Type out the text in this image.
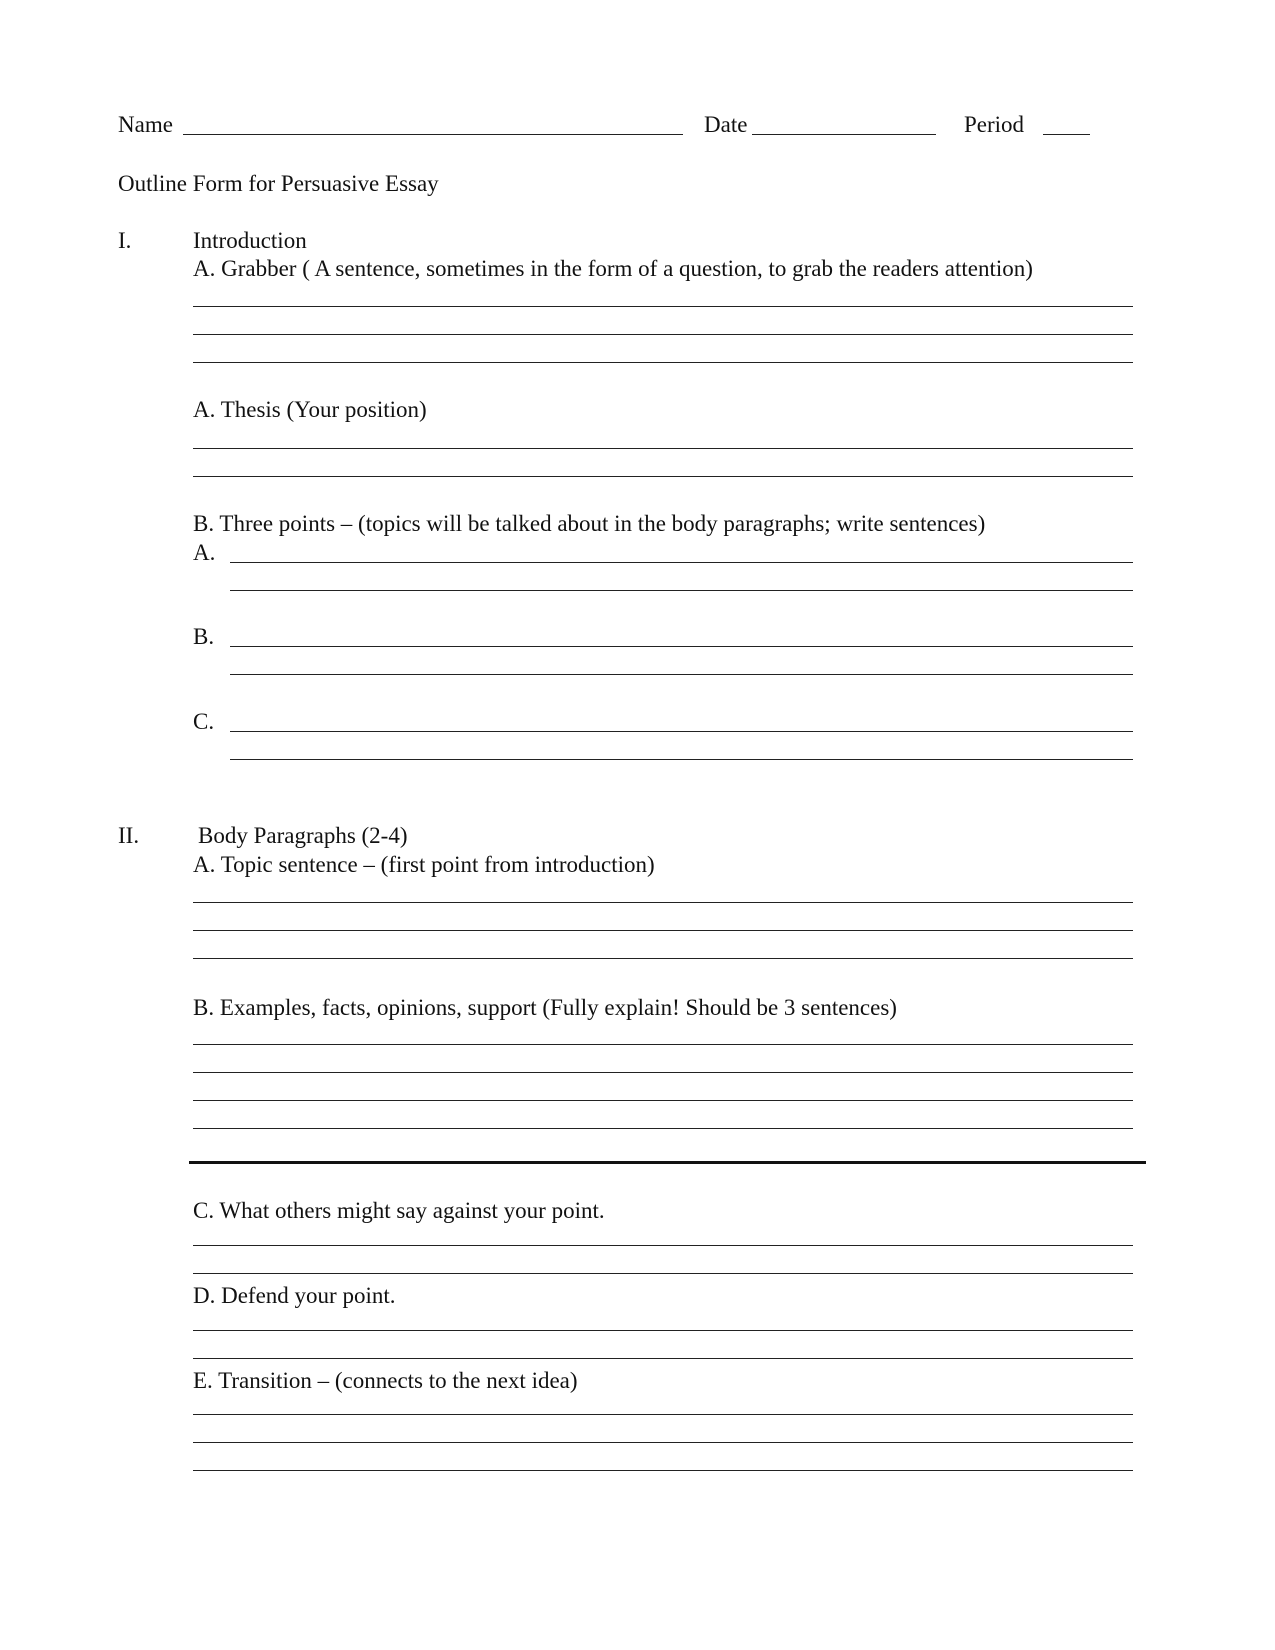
Name	Date	Period
Outline Form for Persuasive Essay
I.	Introduction
A. Grabber ( A sentence, sometimes in the form of a question, to grab the readers attention)
A. Thesis (Your position)
B. Three points – (topics will be talked about in the body paragraphs; write sentences)
A.
B.
C.
II.	Body Paragraphs (2-4)
A. Topic sentence – (first point from introduction)
B. Examples, facts, opinions, support (Fully explain! Should be 3 sentences)
C. What others might say against your point.
D. Defend your point.
E. Transition – (connects to the next idea)
